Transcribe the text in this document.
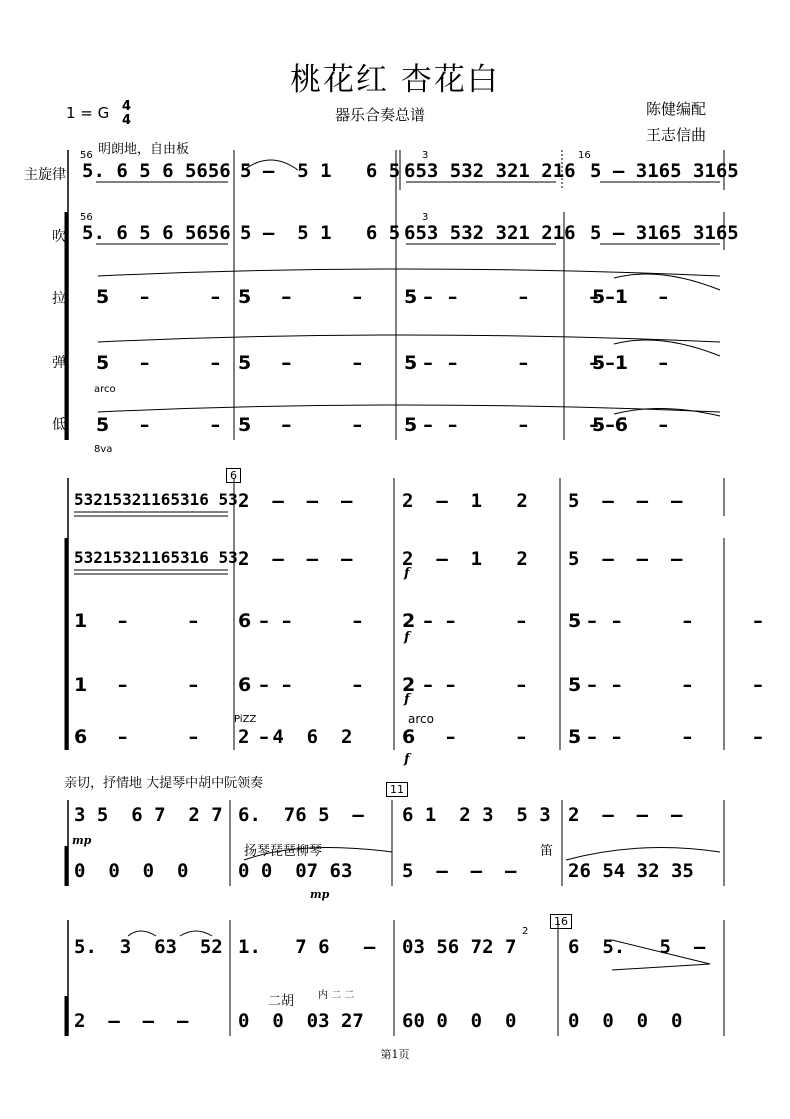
桃花红 杏花白
1 = G 4
4	器乐合奏总谱	陈健编配
王志信曲
明朗地，自由板
主旋律
吹
拉
弹
低
56
5. 6 5 6 5656 5 –  5 1   6 5 653 532 321 216
16
5 – 3165 3165
56
5. 6 5 6 5656 5 –  5 1   6 5 653 532 321 216 5 – 3165 3165
3
3
5 –  –  –
5 –  –  –
5 –  –  –
5–1 –
5 –  –  –
5 –  –  –
5 –  –  –
5–1 –
arco
5 –  –  –
5 –  –  –
5 –  –  –
5–6 –
8va
6
53215321165316 53 2  –  –  –	2  –  1   2 5  –  –  –
53215321165316 53 2  –  –  –	2  –  1   2 5  –  –  –
f
1 –  –  –
6 –  –  –
2 –  –  –
5 –  –  –
f
1 –  –  –
6 –  –  –
2 –  –  –
5 –  –  –
f
PiZZ	arco
6 –  –  –
2  4  6  2	6 –  –  –
5 –  –  –
f
亲切，抒情地 大提琴中胡中阮领奏	11
3 5  6 7  2 7 6.  76 5  – 6 1  2 3  5 3 2  –  –  –
mp
扬琴琵琶柳琴	笛
0  0  0  0	0 0  07 63	5  –  –  –	26 54 32 35
mp
16
5.  3  63  52 1.   7 6   – 03 56 72 7
2
6  5.   5  –
二胡 内 二 二
2  –  –  –	0  0  03 27 60 0  0  0	0  0  0  0
第1页
